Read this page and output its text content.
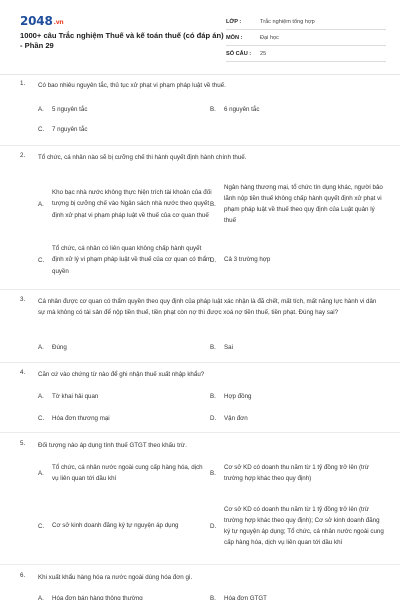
2048.vn
1000+ câu Trắc nghiệm Thuế và kế toán thuế (có đáp án) - Phần 29
LỚP :	Trắc nghiệm tổng hợp
MÔN :	Đại học
SỐ CÂU :	25
1. Có bao nhiêu nguyên tắc, thủ tục xử phạt vi phạm pháp luật về thuế.
A.	5 nguyên tắc	B.	6 nguyên tắc
C.	7 nguyên tắc
2. Tổ chức, cá nhân nào sẽ bị cưỡng chế thi hành quyết định hành chính thuế.
A.
Kho bạc nhà nước không thực hiện trích tài khoản của đối tượng bị cưỡng chế vào Ngân sách nhà nước theo quyết định xử phạt vi phạm pháp luật về thuế của cơ quan thuế
B.
Ngân hàng thương mại, tổ chức tín dụng khác, người bảo lãnh nộp tiền thuế không chấp hành quyết định xử phạt vi phạm pháp luật về thuế theo quy định của Luật quản lý thuế
C.
Tổ chức, cá nhân có liên quan không chấp hành quyết định xử lý vi phạm pháp luật về thuế của cơ quan có thẩm quyền
D.	Cả 3 trường hợp
3. Cá nhân được cơ quan có thẩm quyền theo quy định của pháp luật xác nhận là đã chết, mất tích, mất năng lực hành vi dân sự mà không có tài sản để nộp tiền thuế, tiền phạt còn nợ thì được xoá nợ tiền thuế, tiền phạt. Đúng hay sai?
A.	Đúng	B.	Sai
4. Căn cứ vào chứng từ nào để ghi nhận thuế xuất nhập khẩu?
A.	Tờ khai hải quan	B.	Hợp đồng
C.	Hóa đơn thương mại	D.	Vận đơn
5. Đối tượng nào áp dụng tính thuế GTGT theo khấu trừ.
A.
Tổ chức, cá nhân nước ngoài cung cấp hàng hóa, dịch vụ liên quan tới dầu khí
B.
Cơ sở KD có doanh thu năm từ 1 tỷ đồng trở lên (trừ trường hợp khác theo quy định)
C.	Cơ sở kinh doanh đăng ký tự nguyện áp dụng	D.
Cơ sở KD có doanh thu năm từ 1 tỷ đồng trở lên (trừ trường hợp khác theo quy định); Cơ sở kinh doanh đăng ký tự nguyện áp dụng; Tổ chức, cá nhân nước ngoài cung cấp hàng hóa, dịch vụ liên quan tới dầu khí
6. Khi xuất khẩu hàng hóa ra nước ngoài dùng hóa đơn gì.
A.	Hóa đơn bán hàng thông thường	B.	Hóa đơn GTGT
